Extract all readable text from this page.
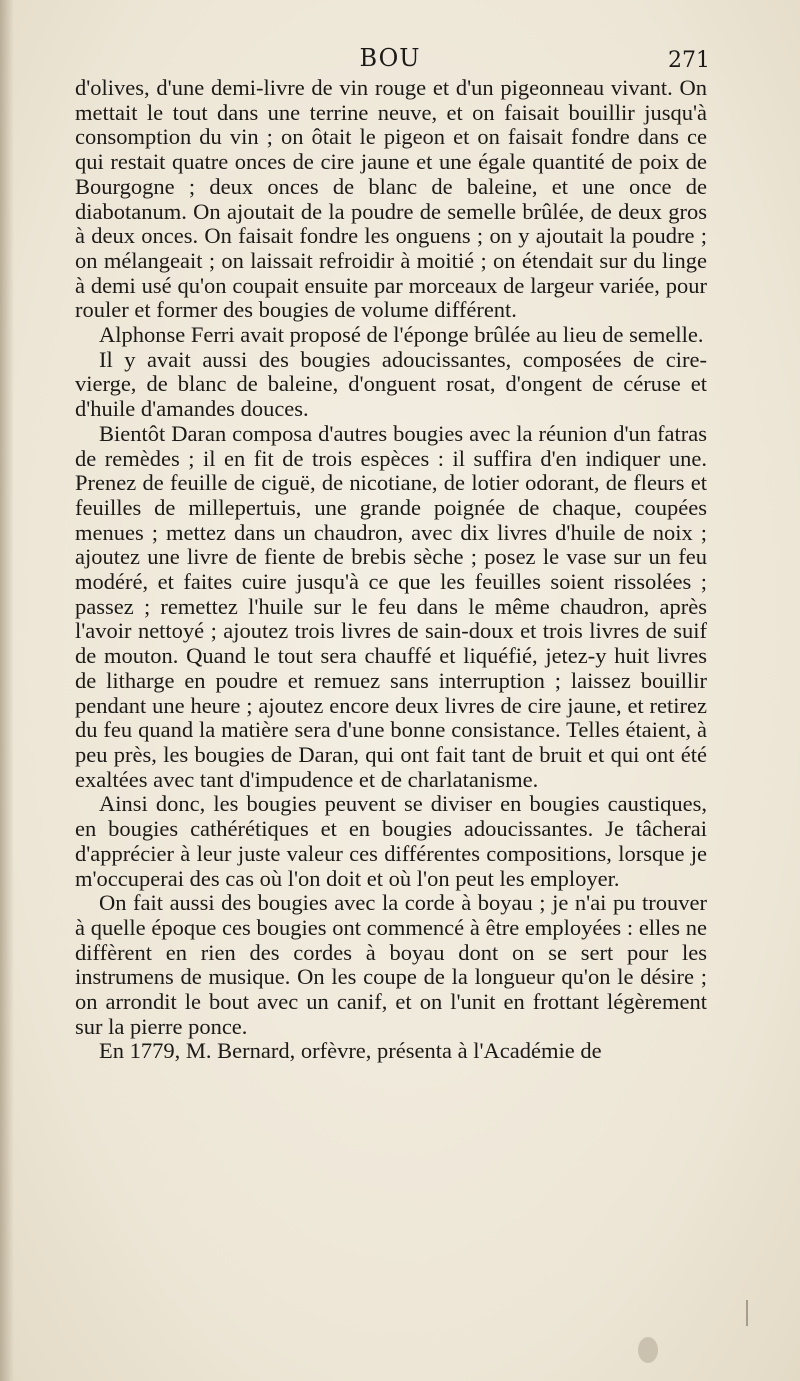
BOU	271

d'olives, d'une demi-livre de vin rouge et d'un pigeonneau vivant. On mettait le tout dans une terrine neuve, et on faisait bouillir jusqu'à consomption du vin ; on ôtait le pigeon et on faisait fondre dans ce qui restait quatre onces de cire jaune et une égale quantité de poix de Bourgogne ; deux onces de blanc de baleine, et une once de diabotanum. On ajoutait de la poudre de semelle brûlée, de deux gros à deux onces. On faisait fondre les onguens ; on y ajoutait la poudre ; on mélangeait ; on laissait refroidir à moitié ; on étendait sur du linge à demi usé qu'on coupait ensuite par morceaux de largeur variée, pour rouler et former des bougies de volume différent.

Alphonse Ferri avait proposé de l'éponge brûlée au lieu de semelle.

Il y avait aussi des bougies adoucissantes, composées de cire-vierge, de blanc de baleine, d'onguent rosat, d'ongent de céruse et d'huile d'amandes douces.

Bientôt Daran composa d'autres bougies avec la réunion d'un fatras de remèdes ; il en fit de trois espèces : il suffira d'en indiquer une. Prenez de feuille de ciguë, de nicotiane, de lotier odorant, de fleurs et feuilles de millepertuis, une grande poignée de chaque, coupées menues ; mettez dans un chaudron, avec dix livres d'huile de noix ; ajoutez une livre de fiente de brebis sèche ; posez le vase sur un feu modéré, et faites cuire jusqu'à ce que les feuilles soient rissolées ; passez ; remettez l'huile sur le feu dans le même chaudron, après l'avoir nettoyé ; ajoutez trois livres de sain-doux et trois livres de suif de mouton. Quand le tout sera chauffé et liquéfié, jetez-y huit livres de litharge en poudre et remuez sans interruption ; laissez bouillir pendant une heure ; ajoutez encore deux livres de cire jaune, et retirez du feu quand la matière sera d'une bonne consistance. Telles étaient, à peu près, les bougies de Daran, qui ont fait tant de bruit et qui ont été exaltées avec tant d'impudence et de charlatanisme.

Ainsi donc, les bougies peuvent se diviser en bougies caustiques, en bougies cathérétiques et en bougies adoucissantes. Je tâcherai d'apprécier à leur juste valeur ces différentes compositions, lorsque je m'occuperai des cas où l'on doit et où l'on peut les employer.

On fait aussi des bougies avec la corde à boyau ; je n'ai pu trouver à quelle époque ces bougies ont commencé à être employées : elles ne diffèrent en rien des cordes à boyau dont on se sert pour les instrumens de musique. On les coupe de la longueur qu'on le désire ; on arrondit le bout avec un canif, et on l'unit en frottant légèrement sur la pierre ponce.

En 1779, M. Bernard, orfèvre, présenta à l'Académie de
